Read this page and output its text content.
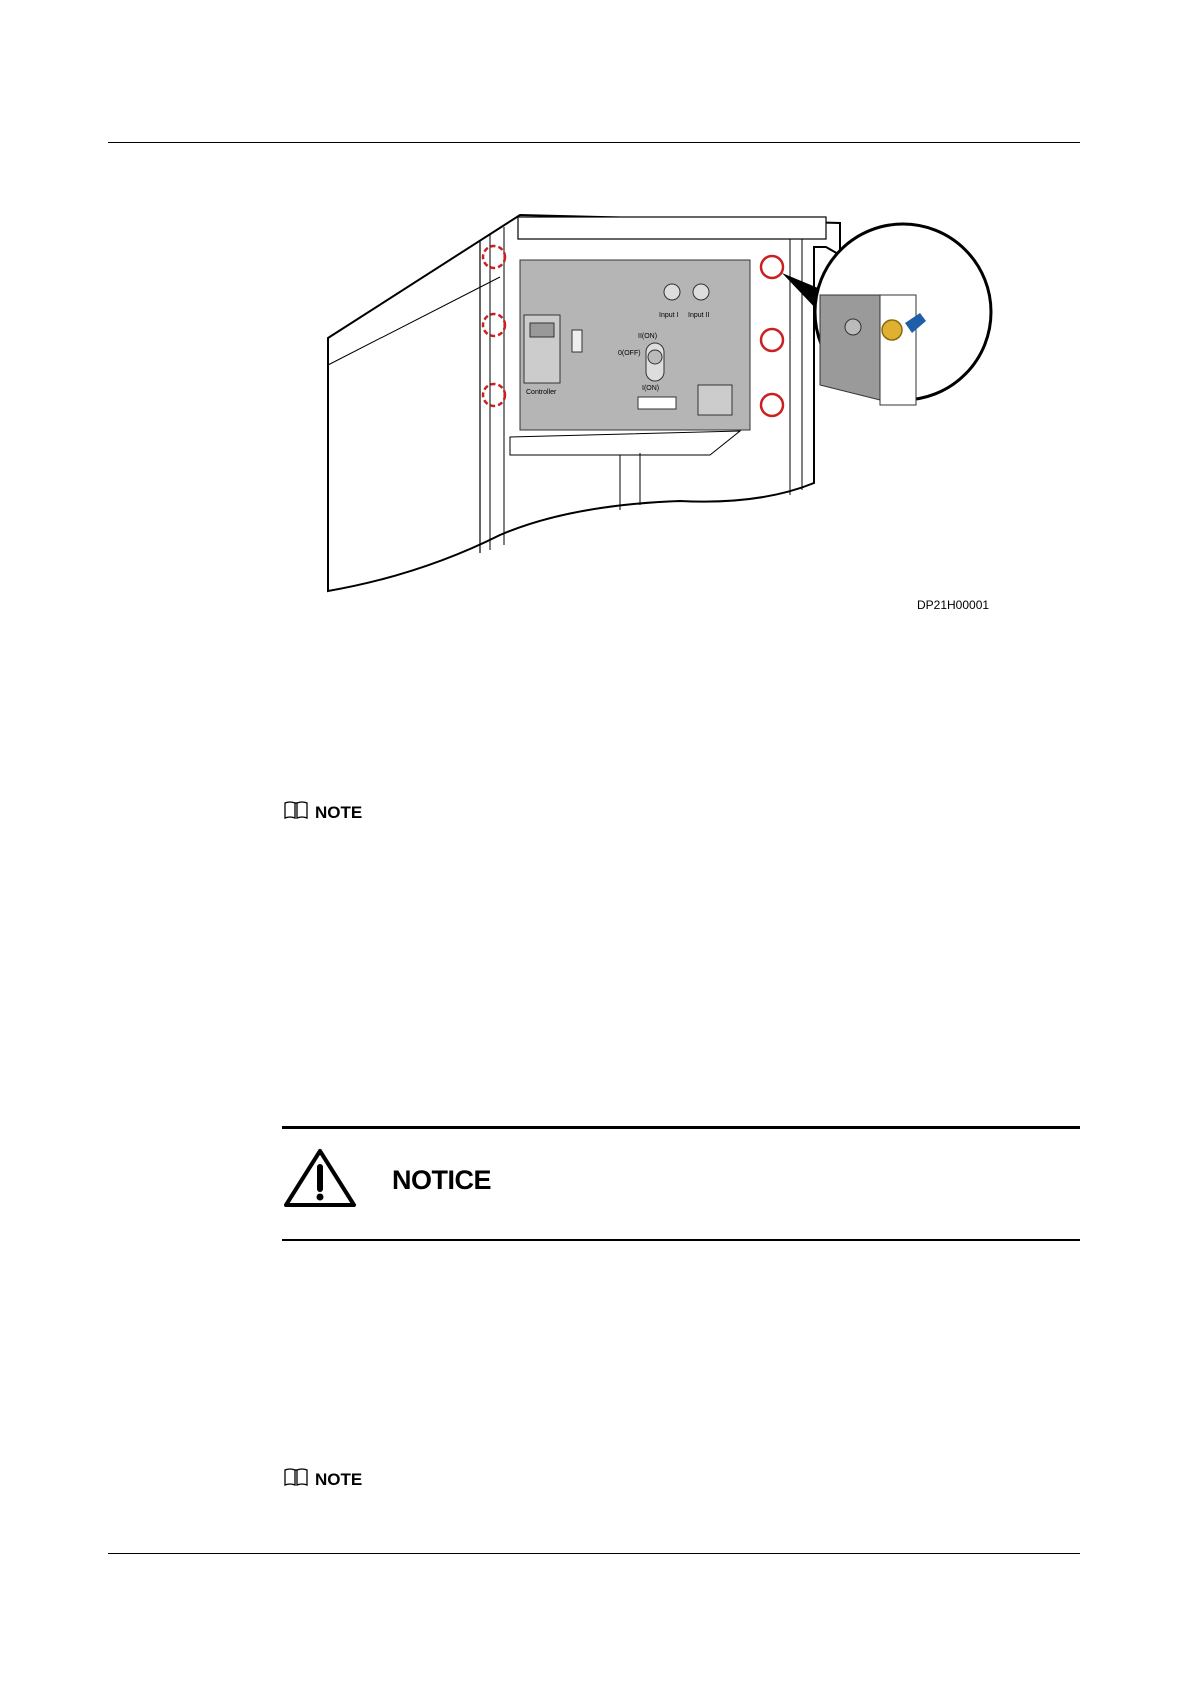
Input I Input II
II(ON)
0(OFF)
I(ON)
Controller
DP21H00001
NOTE
NOTICE
NOTE
